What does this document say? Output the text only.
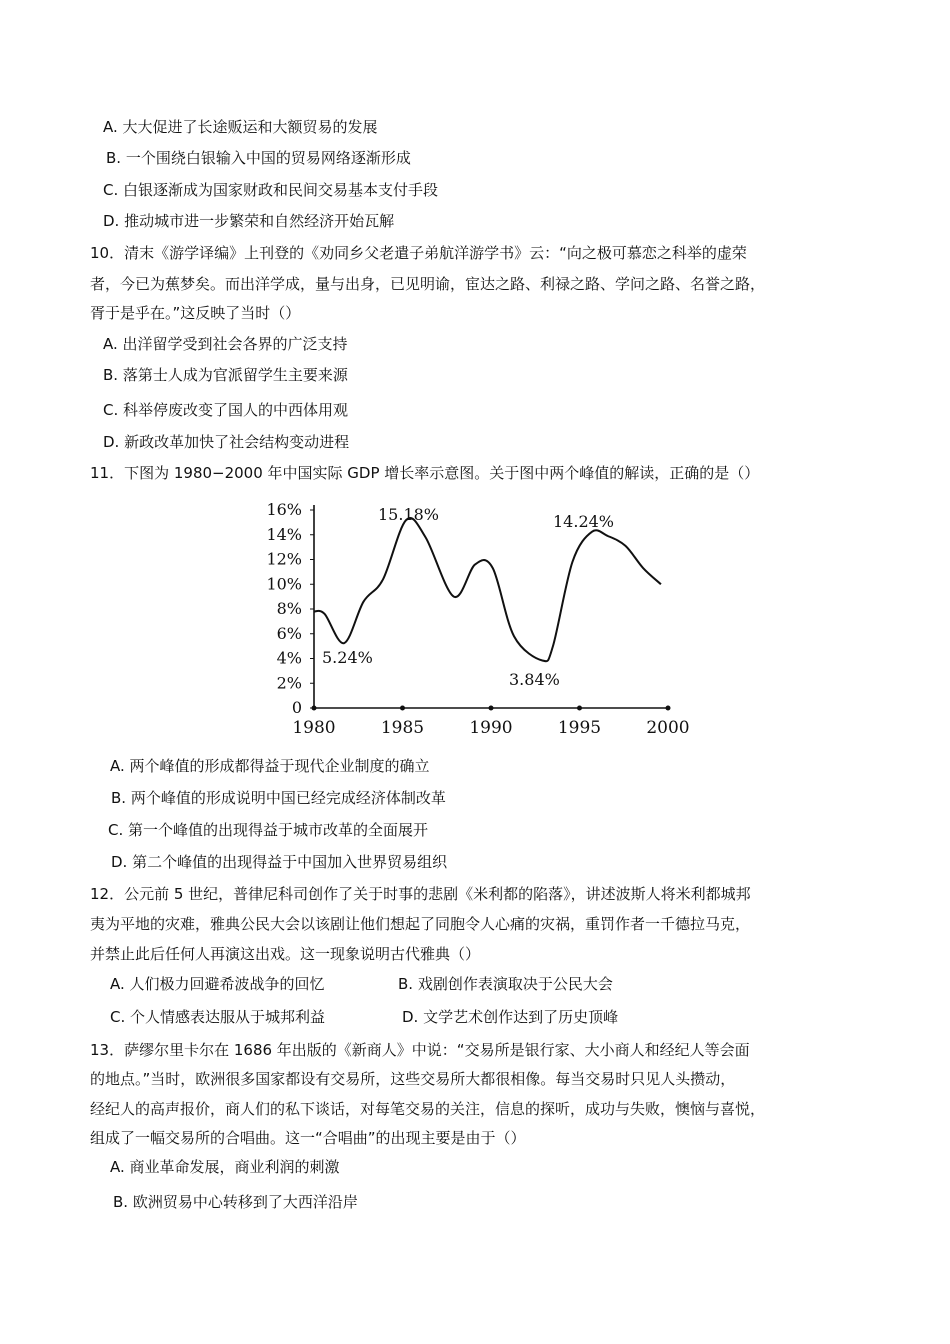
A. 大大促进了长途贩运和大额贸易的发展
B. 一个围绕白银输入中国的贸易网络逐渐形成
C. 白银逐渐成为国家财政和民间交易基本支付手段
D. 推动城市进一步繁荣和自然经济开始瓦解
10．清末《游学译编》上刊登的《劝同乡父老遣子弟航洋游学书》云：“向之极可慕恋之科举的虚荣
者，今已为蕉梦矣。而出洋学成，量与出身，已见明谕，宦达之路、利禄之路、学问之路、名誉之路，
胥于是乎在。”这反映了当时（）
A. 出洋留学受到社会各界的广泛支持
B. 落第士人成为官派留学生主要来源
C. 科举停废改变了国人的中西体用观
D. 新政改革加快了社会结构变动进程
11．下图为 1980−2000 年中国实际 GDP 增长率示意图。关于图中两个峰值的解读，正确的是（）
0
2%
4%
6%
8%
10%
12%
14%
16%
1980	1985	1990	1995	2000
15.18%	14.24%
5.24%
3.84%
A. 两个峰值的形成都得益于现代企业制度的确立
B. 两个峰值的形成说明中国已经完成经济体制改革
C. 第一个峰值的出现得益于城市改革的全面展开
D. 第二个峰值的出现得益于中国加入世界贸易组织
12．公元前 5 世纪，普律尼科司创作了关于时事的悲剧《米利都的陷落》，讲述波斯人将米利都城邦
夷为平地的灾难，雅典公民大会以该剧让他们想起了同胞令人心痛的灾祸，重罚作者一千德拉马克，
并禁止此后任何人再演这出戏。这一现象说明古代雅典（）
A. 人们极力回避希波战争的回忆	B. 戏剧创作表演取决于公民大会
C. 个人情感表达服从于城邦利益	D. 文学艺术创作达到了历史顶峰
13．萨缪尔里卡尔在 1686 年出版的《新商人》中说：“交易所是银行家、大小商人和经纪人等会面
的地点。”当时，欧洲很多国家都设有交易所，这些交易所大都很相像。每当交易时只见人头攒动，
经纪人的高声报价，商人们的私下谈话，对每笔交易的关注，信息的探听，成功与失败，懊恼与喜悦，
组成了一幅交易所的合唱曲。这一“合唱曲”的出现主要是由于（）
A. 商业革命发展，商业利润的刺激
B. 欧洲贸易中心转移到了大西洋沿岸
